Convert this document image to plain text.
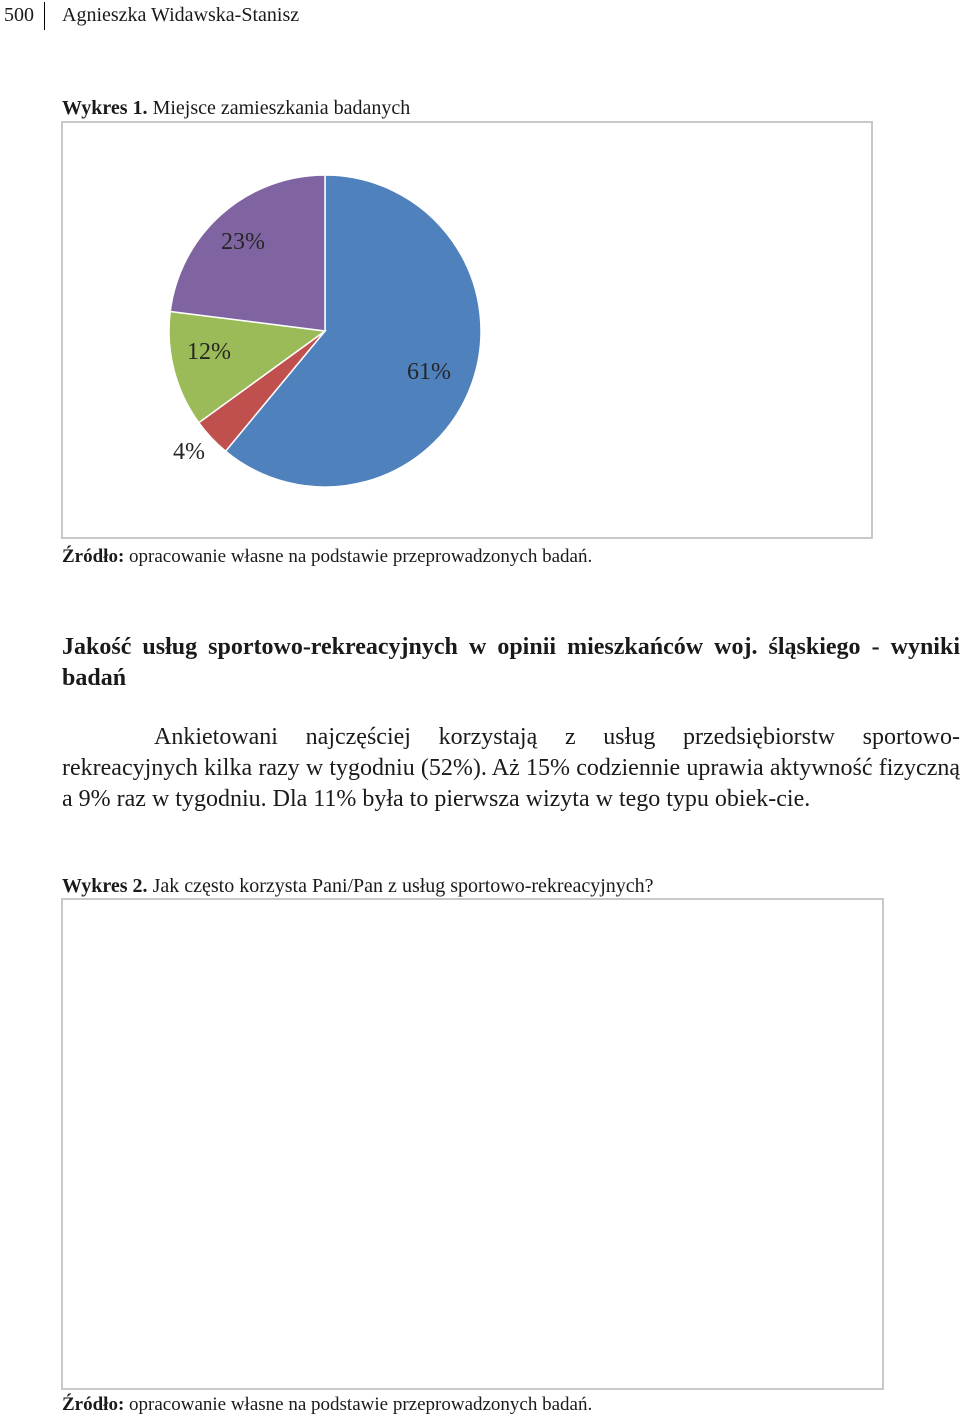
500 Agnieszka Widawska-Stanisz
Wykres 1. Miejsce zamieszkania badanych
61%
4%
12%
23%
Źródło: opracowanie własne na podstawie przeprowadzonych badań.
Jakość usług sportowo-rekreacyjnych w opinii mieszkańców woj. śląskiego - wyniki badań
Ankietowani najczęściej korzystają z usług przedsiębiorstw sportowo-rekreacyjnych kilka razy w tygodniu (52%). Aż 15% codziennie uprawia aktywność fizyczną a 9% raz w tygodniu. Dla 11% była to pierwsza wizyta w tego typu obiek-cie.
Wykres 2. Jak często korzysta Pani/Pan z usług sportowo-rekreacyjnych?
Źródło: opracowanie własne na podstawie przeprowadzonych badań.
